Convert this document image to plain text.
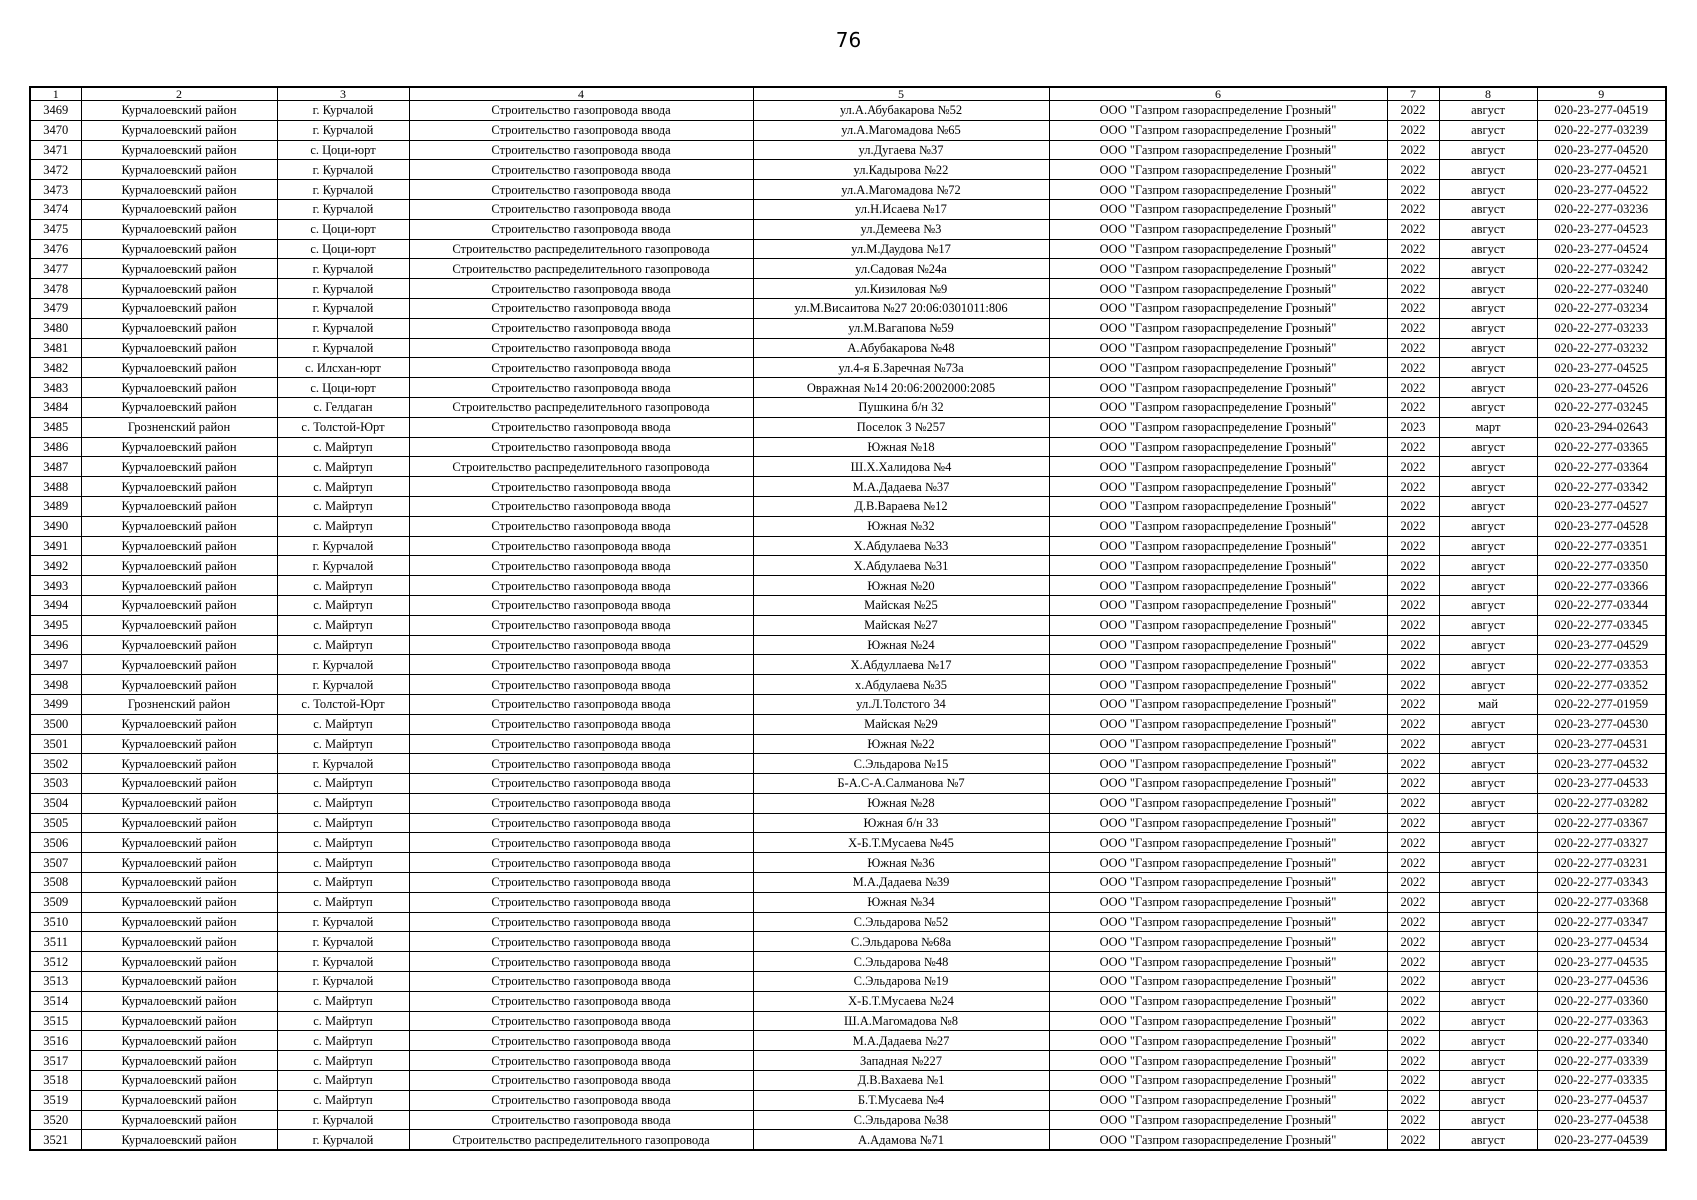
76
1	2	3	4	5	6	7	8	9
3469	Курчалоевский район	г. Курчалой	Строительство газопровода ввода	ул.А.Абубакарова №52	ООО "Газпром газораспределение Грозный"	2022	август	020-23-277-04519
3470	Курчалоевский район	г. Курчалой	Строительство газопровода ввода	ул.А.Магомадова №65	ООО "Газпром газораспределение Грозный"	2022	август	020-22-277-03239
3471	Курчалоевский район	с. Цоци-юрт	Строительство газопровода ввода	ул.Дугаева №37	ООО "Газпром газораспределение Грозный"	2022	август	020-23-277-04520
3472	Курчалоевский район	г. Курчалой	Строительство газопровода ввода	ул.Кадырова №22	ООО "Газпром газораспределение Грозный"	2022	август	020-23-277-04521
3473	Курчалоевский район	г. Курчалой	Строительство газопровода ввода	ул.А.Магомадова №72	ООО "Газпром газораспределение Грозный"	2022	август	020-23-277-04522
3474	Курчалоевский район	г. Курчалой	Строительство газопровода ввода	ул.Н.Исаева №17	ООО "Газпром газораспределение Грозный"	2022	август	020-22-277-03236
3475	Курчалоевский район	с. Цоци-юрт	Строительство газопровода ввода	ул.Демеева №3	ООО "Газпром газораспределение Грозный"	2022	август	020-23-277-04523
3476	Курчалоевский район	с. Цоци-юрт	Строительство распределительного газопровода	ул.М.Даудова №17	ООО "Газпром газораспределение Грозный"	2022	август	020-23-277-04524
3477	Курчалоевский район	г. Курчалой	Строительство распределительного газопровода	ул.Садовая №24а	ООО "Газпром газораспределение Грозный"	2022	август	020-22-277-03242
3478	Курчалоевский район	г. Курчалой	Строительство газопровода ввода	ул.Кизиловая №9	ООО "Газпром газораспределение Грозный"	2022	август	020-22-277-03240
3479	Курчалоевский район	г. Курчалой	Строительство газопровода ввода	ул.М.Висаитова №27 20:06:0301011:806	ООО "Газпром газораспределение Грозный"	2022	август	020-22-277-03234
3480	Курчалоевский район	г. Курчалой	Строительство газопровода ввода	ул.М.Вагапова №59	ООО "Газпром газораспределение Грозный"	2022	август	020-22-277-03233
3481	Курчалоевский район	г. Курчалой	Строительство газопровода ввода	А.Абубакарова №48	ООО "Газпром газораспределение Грозный"	2022	август	020-22-277-03232
3482	Курчалоевский район	с. Илсхан-юрт	Строительство газопровода ввода	ул.4-я Б.Заречная №73а	ООО "Газпром газораспределение Грозный"	2022	август	020-23-277-04525
3483	Курчалоевский район	с. Цоци-юрт	Строительство газопровода ввода	Овражная №14 20:06:2002000:2085	ООО "Газпром газораспределение Грозный"	2022	август	020-23-277-04526
3484	Курчалоевский район	с. Гелдаган	Строительство распределительного газопровода	Пушкина б/н 32	ООО "Газпром газораспределение Грозный"	2022	август	020-22-277-03245
3485	Грозненский район	с. Толстой-Юрт	Строительство газопровода ввода	Поселок 3 №257	ООО "Газпром газораспределение Грозный"	2023	март	020-23-294-02643
3486	Курчалоевский район	с. Майртуп	Строительство газопровода ввода	Южная №18	ООО "Газпром газораспределение Грозный"	2022	август	020-22-277-03365
3487	Курчалоевский район	с. Майртуп	Строительство распределительного газопровода	Ш.Х.Халидова №4	ООО "Газпром газораспределение Грозный"	2022	август	020-22-277-03364
3488	Курчалоевский район	с. Майртуп	Строительство газопровода ввода	М.А.Дадаева №37	ООО "Газпром газораспределение Грозный"	2022	август	020-22-277-03342
3489	Курчалоевский район	с. Майртуп	Строительство газопровода ввода	Д.В.Вараева №12	ООО "Газпром газораспределение Грозный"	2022	август	020-23-277-04527
3490	Курчалоевский район	с. Майртуп	Строительство газопровода ввода	Южная №32	ООО "Газпром газораспределение Грозный"	2022	август	020-23-277-04528
3491	Курчалоевский район	г. Курчалой	Строительство газопровода ввода	Х.Абдулаева №33	ООО "Газпром газораспределение Грозный"	2022	август	020-22-277-03351
3492	Курчалоевский район	г. Курчалой	Строительство газопровода ввода	Х.Абдулаева №31	ООО "Газпром газораспределение Грозный"	2022	август	020-22-277-03350
3493	Курчалоевский район	с. Майртуп	Строительство газопровода ввода	Южная №20	ООО "Газпром газораспределение Грозный"	2022	август	020-22-277-03366
3494	Курчалоевский район	с. Майртуп	Строительство газопровода ввода	Майская №25	ООО "Газпром газораспределение Грозный"	2022	август	020-22-277-03344
3495	Курчалоевский район	с. Майртуп	Строительство газопровода ввода	Майская №27	ООО "Газпром газораспределение Грозный"	2022	август	020-22-277-03345
3496	Курчалоевский район	с. Майртуп	Строительство газопровода ввода	Южная №24	ООО "Газпром газораспределение Грозный"	2022	август	020-23-277-04529
3497	Курчалоевский район	г. Курчалой	Строительство газопровода ввода	Х.Абдуллаева №17	ООО "Газпром газораспределение Грозный"	2022	август	020-22-277-03353
3498	Курчалоевский район	г. Курчалой	Строительство газопровода ввода	х.Абдулаева №35	ООО "Газпром газораспределение Грозный"	2022	август	020-22-277-03352
3499	Грозненский район	с. Толстой-Юрт	Строительство газопровода ввода	ул.Л.Толстого 34	ООО "Газпром газораспределение Грозный"	2022	май	020-22-277-01959
3500	Курчалоевский район	с. Майртуп	Строительство газопровода ввода	Майская №29	ООО "Газпром газораспределение Грозный"	2022	август	020-23-277-04530
3501	Курчалоевский район	с. Майртуп	Строительство газопровода ввода	Южная №22	ООО "Газпром газораспределение Грозный"	2022	август	020-23-277-04531
3502	Курчалоевский район	г. Курчалой	Строительство газопровода ввода	С.Эльдарова №15	ООО "Газпром газораспределение Грозный"	2022	август	020-23-277-04532
3503	Курчалоевский район	с. Майртуп	Строительство газопровода ввода	Б-А.С-А.Салманова №7	ООО "Газпром газораспределение Грозный"	2022	август	020-23-277-04533
3504	Курчалоевский район	с. Майртуп	Строительство газопровода ввода	Южная №28	ООО "Газпром газораспределение Грозный"	2022	август	020-22-277-03282
3505	Курчалоевский район	с. Майртуп	Строительство газопровода ввода	Южная б/н 33	ООО "Газпром газораспределение Грозный"	2022	август	020-22-277-03367
3506	Курчалоевский район	с. Майртуп	Строительство газопровода ввода	Х-Б.Т.Мусаева №45	ООО "Газпром газораспределение Грозный"	2022	август	020-22-277-03327
3507	Курчалоевский район	с. Майртуп	Строительство газопровода ввода	Южная №36	ООО "Газпром газораспределение Грозный"	2022	август	020-22-277-03231
3508	Курчалоевский район	с. Майртуп	Строительство газопровода ввода	М.А.Дадаева №39	ООО "Газпром газораспределение Грозный"	2022	август	020-22-277-03343
3509	Курчалоевский район	с. Майртуп	Строительство газопровода ввода	Южная №34	ООО "Газпром газораспределение Грозный"	2022	август	020-22-277-03368
3510	Курчалоевский район	г. Курчалой	Строительство газопровода ввода	С.Эльдарова №52	ООО "Газпром газораспределение Грозный"	2022	август	020-22-277-03347
3511	Курчалоевский район	г. Курчалой	Строительство газопровода ввода	С.Эльдарова №68а	ООО "Газпром газораспределение Грозный"	2022	август	020-23-277-04534
3512	Курчалоевский район	г. Курчалой	Строительство газопровода ввода	С.Эльдарова №48	ООО "Газпром газораспределение Грозный"	2022	август	020-23-277-04535
3513	Курчалоевский район	г. Курчалой	Строительство газопровода ввода	С.Эльдарова №19	ООО "Газпром газораспределение Грозный"	2022	август	020-23-277-04536
3514	Курчалоевский район	с. Майртуп	Строительство газопровода ввода	Х-Б.Т.Мусаева №24	ООО "Газпром газораспределение Грозный"	2022	август	020-22-277-03360
3515	Курчалоевский район	с. Майртуп	Строительство газопровода ввода	Ш.А.Магомадова №8	ООО "Газпром газораспределение Грозный"	2022	август	020-22-277-03363
3516	Курчалоевский район	с. Майртуп	Строительство газопровода ввода	М.А.Дадаева №27	ООО "Газпром газораспределение Грозный"	2022	август	020-22-277-03340
3517	Курчалоевский район	с. Майртуп	Строительство газопровода ввода	Западная №227	ООО "Газпром газораспределение Грозный"	2022	август	020-22-277-03339
3518	Курчалоевский район	с. Майртуп	Строительство газопровода ввода	Д.В.Вахаева №1	ООО "Газпром газораспределение Грозный"	2022	август	020-22-277-03335
3519	Курчалоевский район	с. Майртуп	Строительство газопровода ввода	Б.Т.Мусаева №4	ООО "Газпром газораспределение Грозный"	2022	август	020-23-277-04537
3520	Курчалоевский район	г. Курчалой	Строительство газопровода ввода	С.Эльдарова №38	ООО "Газпром газораспределение Грозный"	2022	август	020-23-277-04538
3521	Курчалоевский район	г. Курчалой	Строительство распределительного газопровода	А.Адамова №71	ООО "Газпром газораспределение Грозный"	2022	август	020-23-277-04539
